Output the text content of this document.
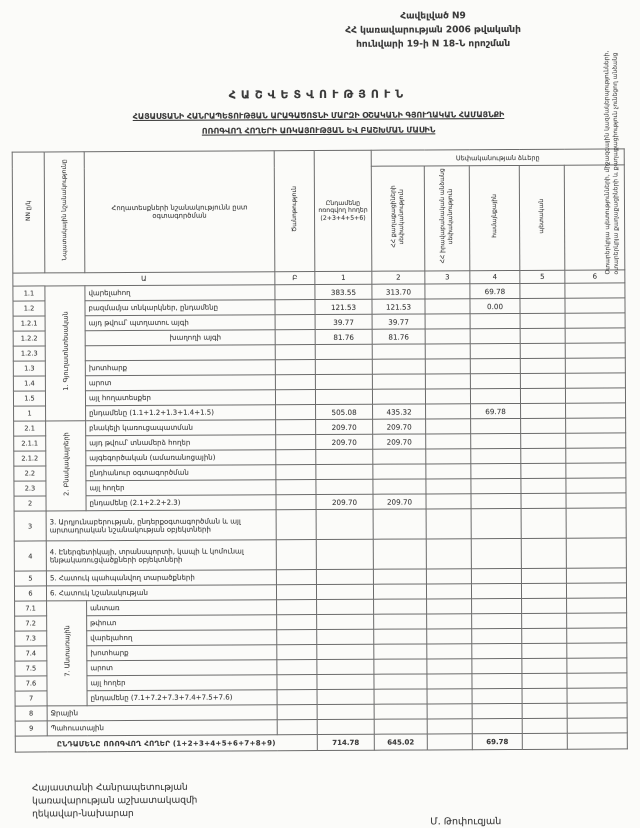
Հավելված N9
ՀՀ կառավարության 2006 թվականի
հունվարի 19-ի N 18-Ն որոշման
ՀԱՇՎԵՏՎՈՒԹՅՈՒՆ
ՀԱՅԱՍՏԱՆԻ ՀԱՆՐԱՊԵՏՈՒԹՅԱՆ ԱՐԱԳԱԾՈՏՆԻ ՄԱՐԶԻ ՕՇԱԿԱՆԻ ԳՅՈՒՂԱԿԱՆ ՀԱՄԱՅՆՔԻ
ՈՌՈԳՎՈՂ ՀՈՂԵՐԻ ԱՌԿԱՅՈՒԹՅԱՆ ԵՎ ԲԱՇԽՄԱՆ ՄԱՍԻՆ
NN ը/կ	Նպատակային նշանակությունը	Հողատեսքների նշանակությունն ըստ օգտագործման	Ծանոթություն	Ընդամենը ոռոգվող հողեր (2+3+4+5+6)	Սեփականության ձևերը				
					ՀՀ քաղաքացիների սեփականություն	ՀՀ իրավաբանական անձանց սեփականություն	համայնքային	պետական	
Ա			Բ	1	2	3	4	5	6
1.1	1. Գյուղատնտեսական	վարելահող		383.55	313.70		69.78		
1.2		բազմամյա տնկարկներ, ընդամենը		121.53	121.53		0.00		
1.2.1		այդ թվում՝ պտղատու այգի		39.77	39.77				
1.2.2		խաղողի այգի		81.76	81.76				
1.2.3									
1.3		խոտհարք							
1.4		արոտ							
1.5		այլ հողատեսքեր							
1		ընդամենը (1.1+1.2+1.3+1.4+1.5)		505.08	435.32		69.78		
2.1	2. Բնակավայրերի	բնակելի կառուցապատման		209.70	209.70				
2.1.1		այդ թվում՝ տնամերձ հողեր		209.70	209.70				
2.1.2		այգեգործական (ամառանոցային)							
2.2		ընդհանուր օգտագործման							
2.3		այլ հողեր							
2		ընդամենը (2.1+2.2+2.3)		209.70	209.70				
3	3. Արդյունաբերության, ընդերքօգտագործման և այլ արտադրական նշանակության օբյեկտների								
4	4. Էներգետիկայի, տրանսպորտի, կապի և կոմունալ ենթակառուցվածքների օբյեկտների								
5	5. Հատուկ պահպանվող տարածքների								
6	6. Հատուկ նշանակության								
7.1	7. Անտառային	անտառ							
7.2		թփուտ							
7.3		վարելահող							
7.4		խոտհարք							
7.5		արոտ							
7.6		այլ հողեր							
7		ընդամենը (7.1+7.2+7.3+7.4+7.5+7.6)							
8	Ջրային								
9	Պահուստային								
ԸՆԴԱՄԵՆԸ ՈՌՈԳՎՈՂ ՀՈՂԵՐ (1+2+3+4+5+6+7+8+9)				714.78	645.02		69.78		
Օտարերկրյա պետությունների, միջազգային կազմակերպությունների, օտարերկրյա քաղաքացիների և քաղաքացիություն չունեցող անձանց
Հայաստանի Հանրապետության
կառավարության աշխատակազմի
ղեկավար-նախարար
Մ. Թոփուզյան
